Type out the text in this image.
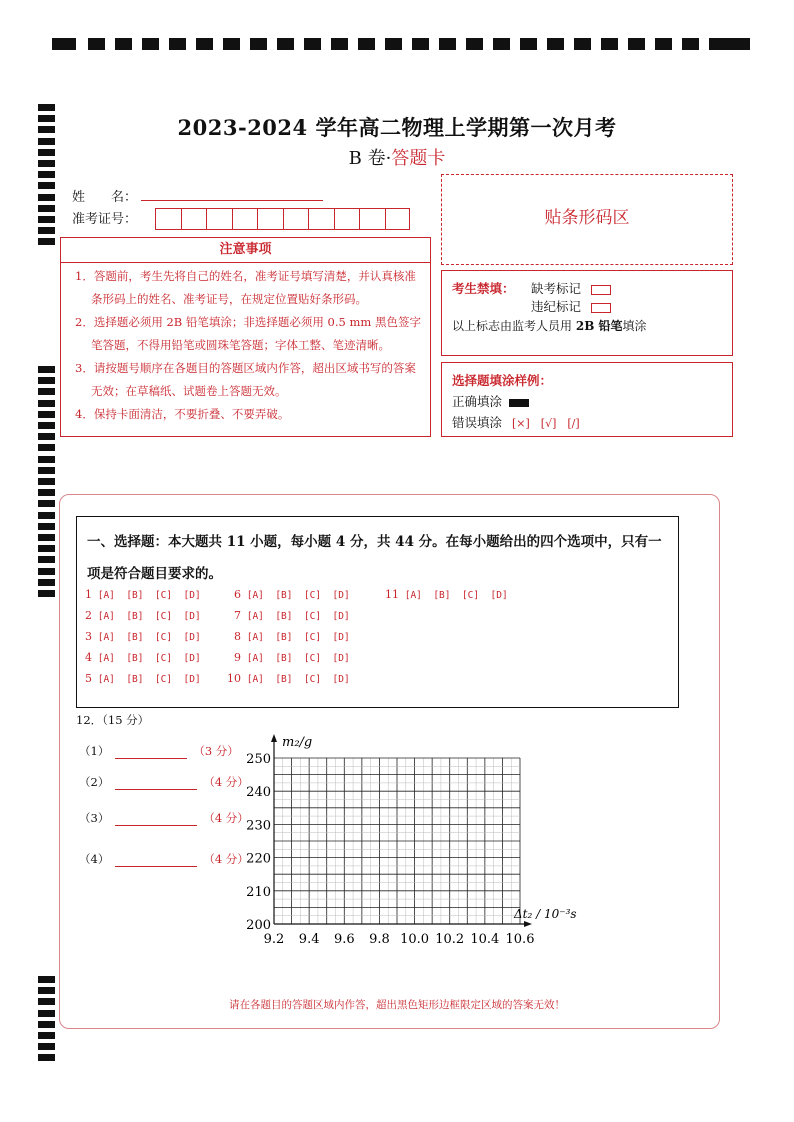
2023-2024 学年高二物理上学期第一次月考
B 卷·答题卡
姓　　名：
准考证号：	贴条形码区
注意事项
1．答题前，考生先将自己的姓名，准考证号填写清楚，并认真核准条形码上的姓名、准考证号，在规定位置贴好条形码。
2．选择题必须用 2B 铅笔填涂；非选择题必须用 0.5 mm 黑色签字笔答题，不得用铅笔或圆珠笔答题；字体工整、笔迹清晰。
3．请按题号顺序在各题目的答题区域内作答，超出区域书写的答案无效；在草稿纸、试题卷上答题无效。
4．保持卡面清洁，不要折叠、不要弄破。
考生禁填： 缺考标记
违纪标记
以上标志由监考人员用 2B 铅笔填涂
选择题填涂样例：
正确填涂
错误填涂 [×]　[√]　[/]
一、选择题：本大题共 11 小题，每小题 4 分，共 44 分。在每小题给出的四个选项中，只有一
项是符合题目要求的。
1 [A]  [B]  [C]  [D]
2 [A]  [B]  [C]  [D]
3 [A]  [B]  [C]  [D]
4 [A]  [B]  [C]  [D]
5 [A]  [B]  [C]  [D]
6 [A]  [B]  [C]  [D]
7 [A]  [B]  [C]  [D]
8 [A]  [B]  [C]  [D]
9 [A]  [B]  [C]  [D]
10 [A]  [B]  [C]  [D]
11 [A]  [B]  [C]  [D]
12．（15 分）
（1）	（3 分）
（2）	（4 分）
（3）	（4 分）
（4）	（4 分）
200
210
220
230
240
250
9.2 9.4 9.6 9.8 10.0 10.2 10.4 10.6
m₂/g
Δt₂ / 10⁻³s
请在各题目的答题区域内作答，超出黑色矩形边框限定区域的答案无效！
